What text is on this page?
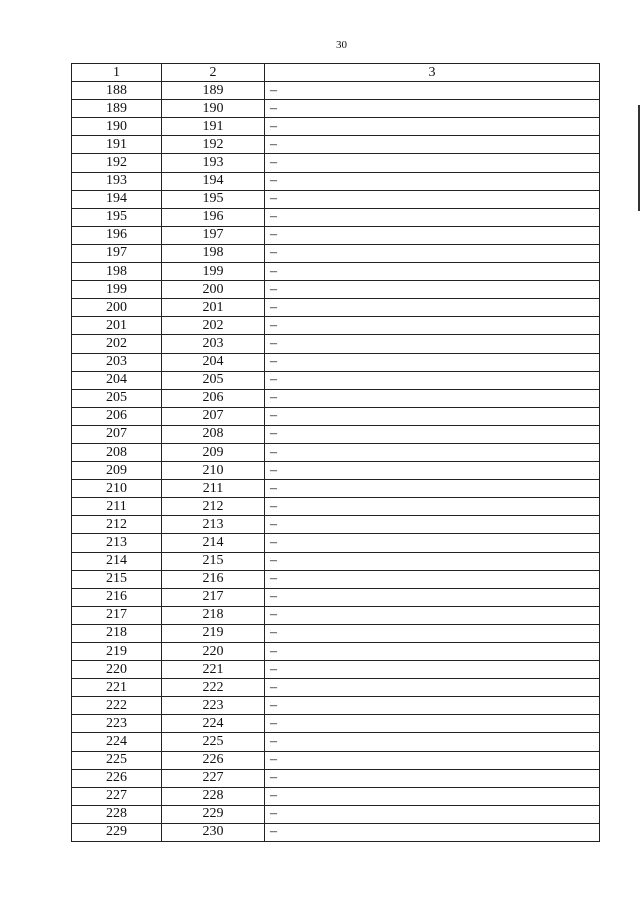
30
1	2	3
188	189	–
189	190	–
190	191	–
191	192	–
192	193	–
193	194	–
194	195	–
195	196	–
196	197	–
197	198	–
198	199	–
199	200	–
200	201	–
201	202	–
202	203	–
203	204	–
204	205	–
205	206	–
206	207	–
207	208	–
208	209	–
209	210	–
210	211	–
211	212	–
212	213	–
213	214	–
214	215	–
215	216	–
216	217	–
217	218	–
218	219	–
219	220	–
220	221	–
221	222	–
222	223	–
223	224	–
224	225	–
225	226	–
226	227	–
227	228	–
228	229	–
229	230	–
